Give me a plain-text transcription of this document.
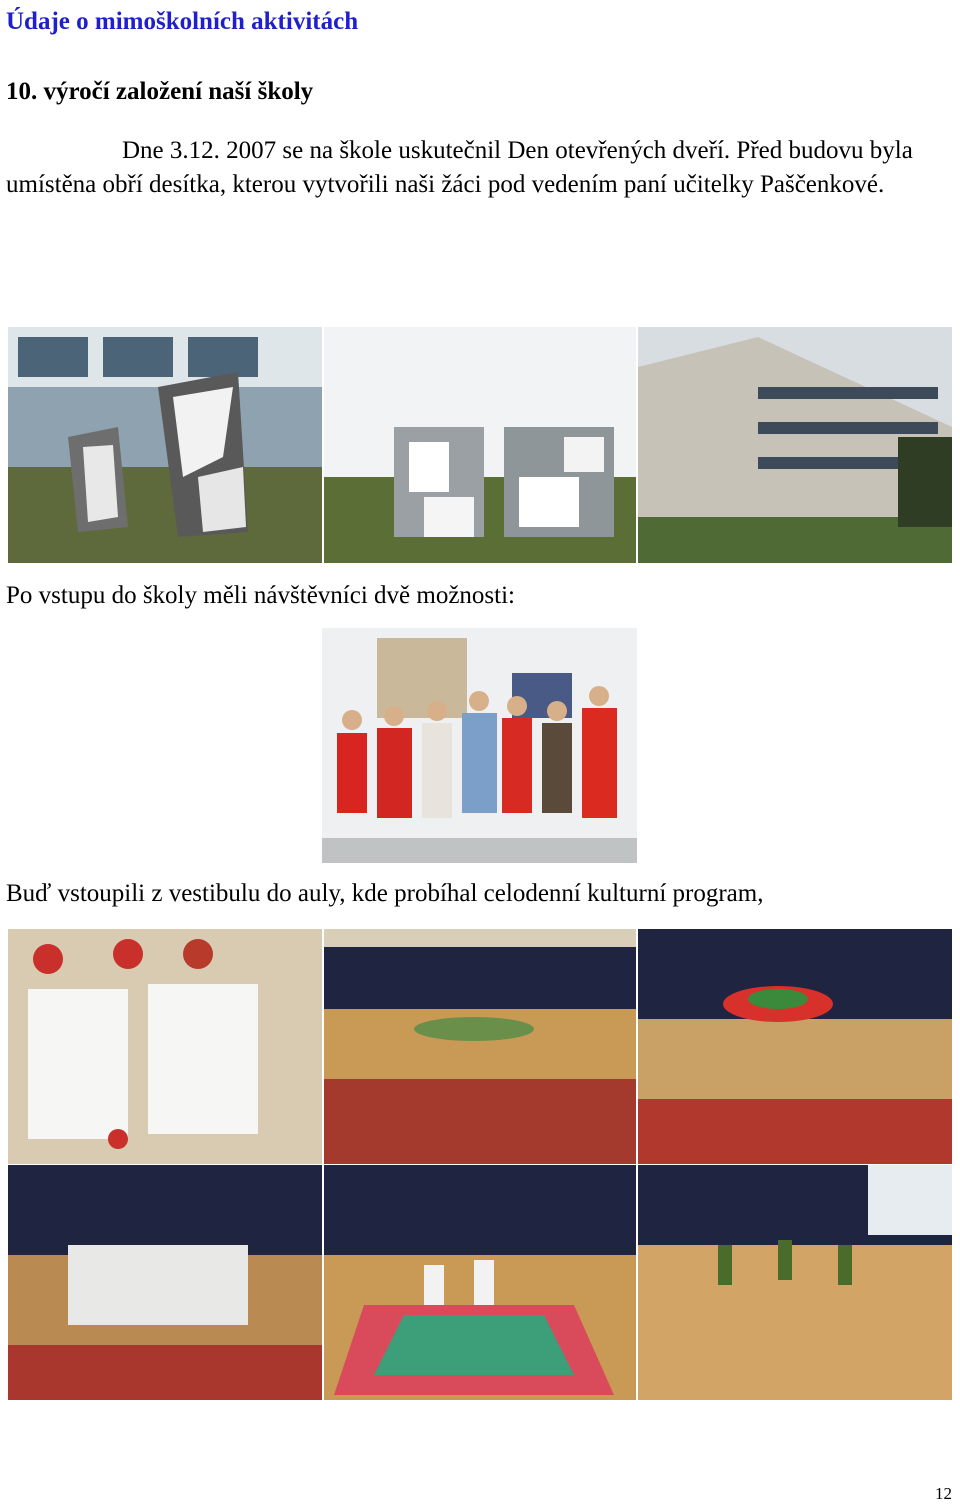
Údaje o mimoškolních aktivitách
10. výročí založení naší školy

Dne 3.12. 2007 se na škole uskutečnil Den otevřených dveří. Před budovu byla umístěna obří desítka, kterou vytvořili naši žáci pod vedením paní učitelky Paščenkové.

Po vstupu do školy měli návštěvníci dvě možnosti:
Buď vstoupili z vestibulu do auly, kde probíhal celodenní kulturní program,
12
